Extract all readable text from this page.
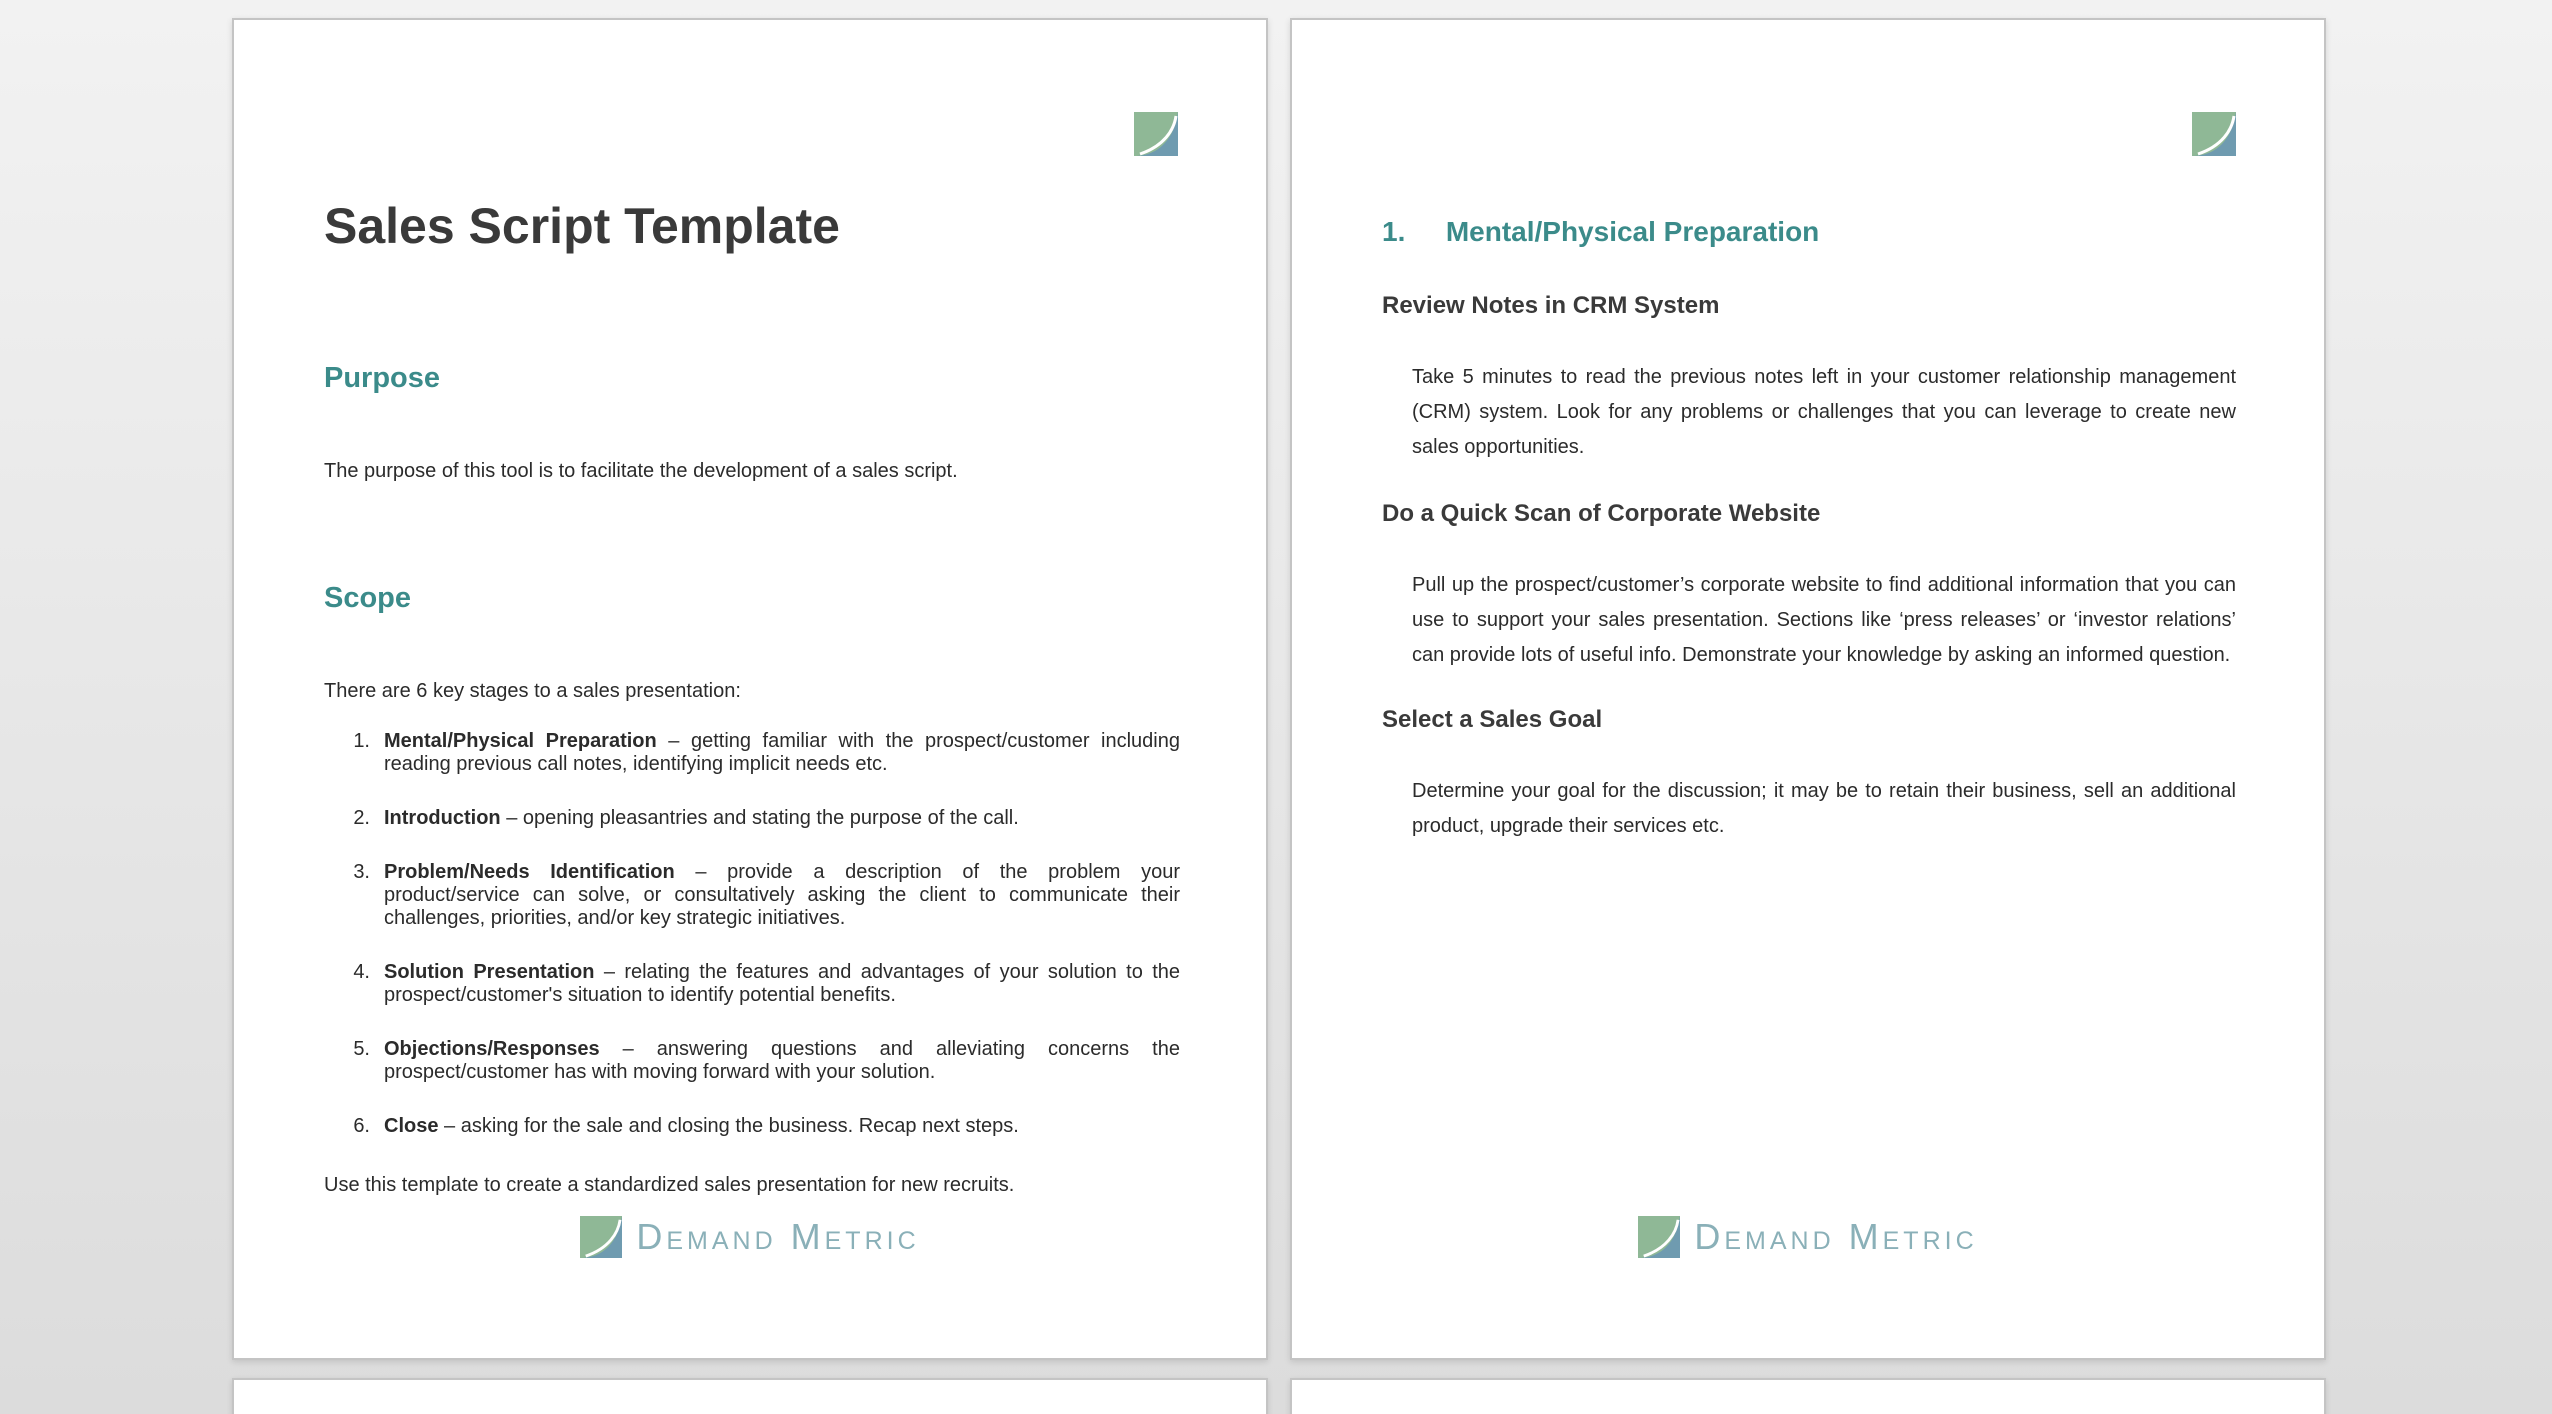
Sales Script Template
Purpose

The purpose of this tool is to facilitate the development of a sales script.

Scope

There are 6 key stages to a sales presentation:

1. Mental/Physical Preparation – getting familiar with the prospect/customer including reading previous call notes, identifying implicit needs etc.
2. Introduction – opening pleasantries and stating the purpose of the call.
3. Problem/Needs Identification – provide a description of the problem your product/service can solve, or consultatively asking the client to communicate their challenges, priorities, and/or key strategic initiatives.
4. Solution Presentation – relating the features and advantages of your solution to the prospect/customer's situation to identify potential benefits.
5. Objections/Responses – answering questions and alleviating concerns the prospect/customer has with moving forward with your solution.
6. Close – asking for the sale and closing the business. Recap next steps.

Use this template to create a standardized sales presentation for new recruits.

Demand Metric
1. Mental/Physical Preparation
Review Notes in CRM System

Take 5 minutes to read the previous notes left in your customer relationship management (CRM) system. Look for any problems or challenges that you can leverage to create new sales opportunities.

Do a Quick Scan of Corporate Website

Pull up the prospect/customer’s corporate website to find additional information that you can use to support your sales presentation. Sections like ‘press releases’ or ‘investor relations’ can provide lots of useful info. Demonstrate your knowledge by asking an informed question.

Select a Sales Goal

Determine your goal for the discussion; it may be to retain their business, sell an additional product, upgrade their services etc.

Demand Metric
